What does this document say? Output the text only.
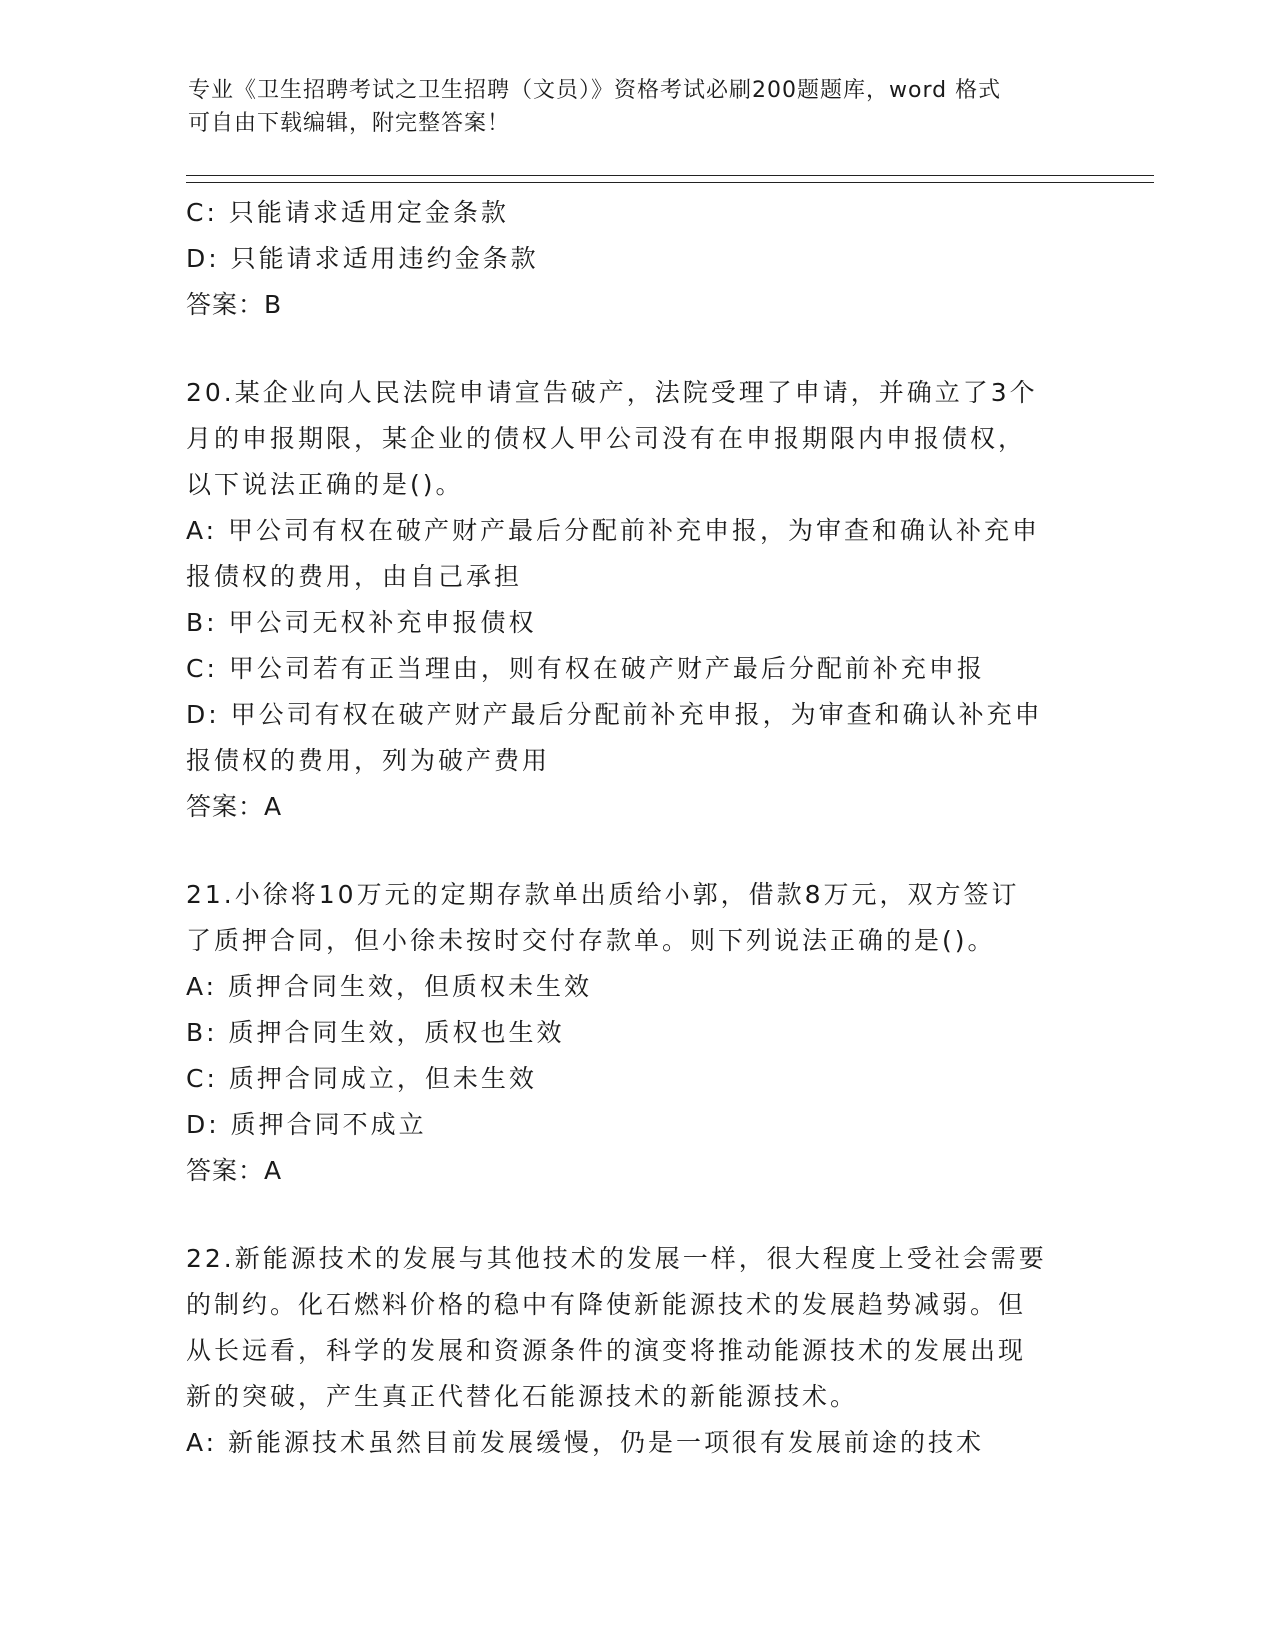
专业《卫生招聘考试之卫生招聘（文员）》资格考试必刷200题题库，word 格式
可自由下载编辑，附完整答案！
C: 只能请求适用定金条款
D: 只能请求适用违约金条款
答案：B
20.某企业向人民法院申请宣告破产，法院受理了申请，并确立了3个
月的申报期限，某企业的债权人甲公司没有在申报期限内申报债权，
以下说法正确的是()。
A: 甲公司有权在破产财产最后分配前补充申报，为审查和确认补充申
报债权的费用，由自己承担
B: 甲公司无权补充申报债权
C: 甲公司若有正当理由，则有权在破产财产最后分配前补充申报
D: 甲公司有权在破产财产最后分配前补充申报，为审查和确认补充申
报债权的费用，列为破产费用
答案：A
21.小徐将10万元的定期存款单出质给小郭，借款8万元，双方签订
了质押合同，但小徐未按时交付存款单。则下列说法正确的是()。
A: 质押合同生效，但质权未生效
B: 质押合同生效，质权也生效
C: 质押合同成立，但未生效
D: 质押合同不成立
答案：A
22.新能源技术的发展与其他技术的发展一样，很大程度上受社会需要
的制约。化石燃料价格的稳中有降使新能源技术的发展趋势减弱。但
从长远看，科学的发展和资源条件的演变将推动能源技术的发展出现
新的突破，产生真正代替化石能源技术的新能源技术。
A: 新能源技术虽然目前发展缓慢，仍是一项很有发展前途的技术
